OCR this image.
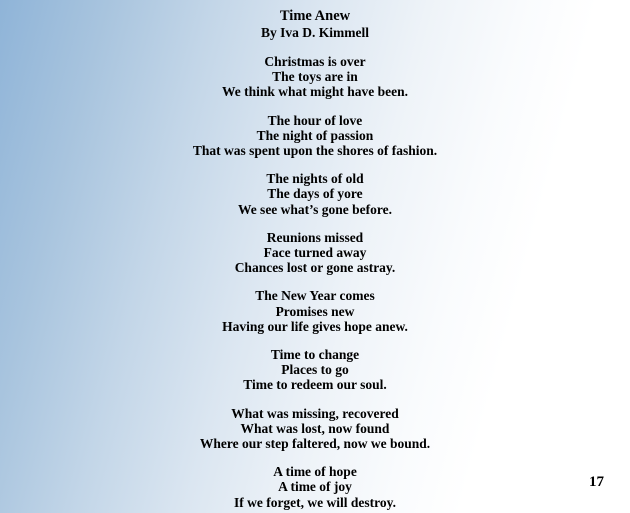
Time Anew
By Iva D. Kimmell
Christmas is over
The toys are in
We think what might have been.
The hour of love
The night of passion
That was spent upon the shores of fashion.
The nights of old
The days of yore
We see what’s gone before.
Reunions missed
Face turned away
Chances lost or gone astray.
The New Year comes
Promises new
Having our life gives hope anew.
Time to change
Places to go
Time to redeem our soul.
What was missing, recovered
What was lost, now found
Where our step faltered, now we bound.
A time of hope
A time of joy
If we forget, we will destroy.
17
